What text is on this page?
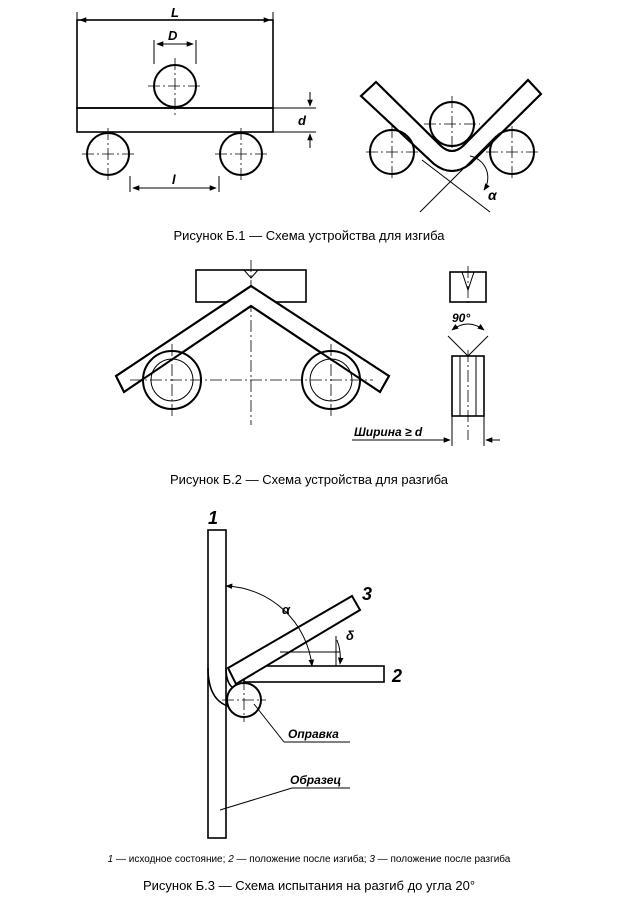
L
D
d
l
α
Рисунок Б.1 — Схема устройства для изгиба
90°
Ширина ≥ d
Рисунок Б.2 — Схема устройства для разгиба
1
2
3
α
δ
Оправка
Образец
1 — исходное состояние; 2 — положение после изгиба; 3 — положение после разгиба
Рисунок Б.3 — Схема испытания на разгиб до угла 20°
